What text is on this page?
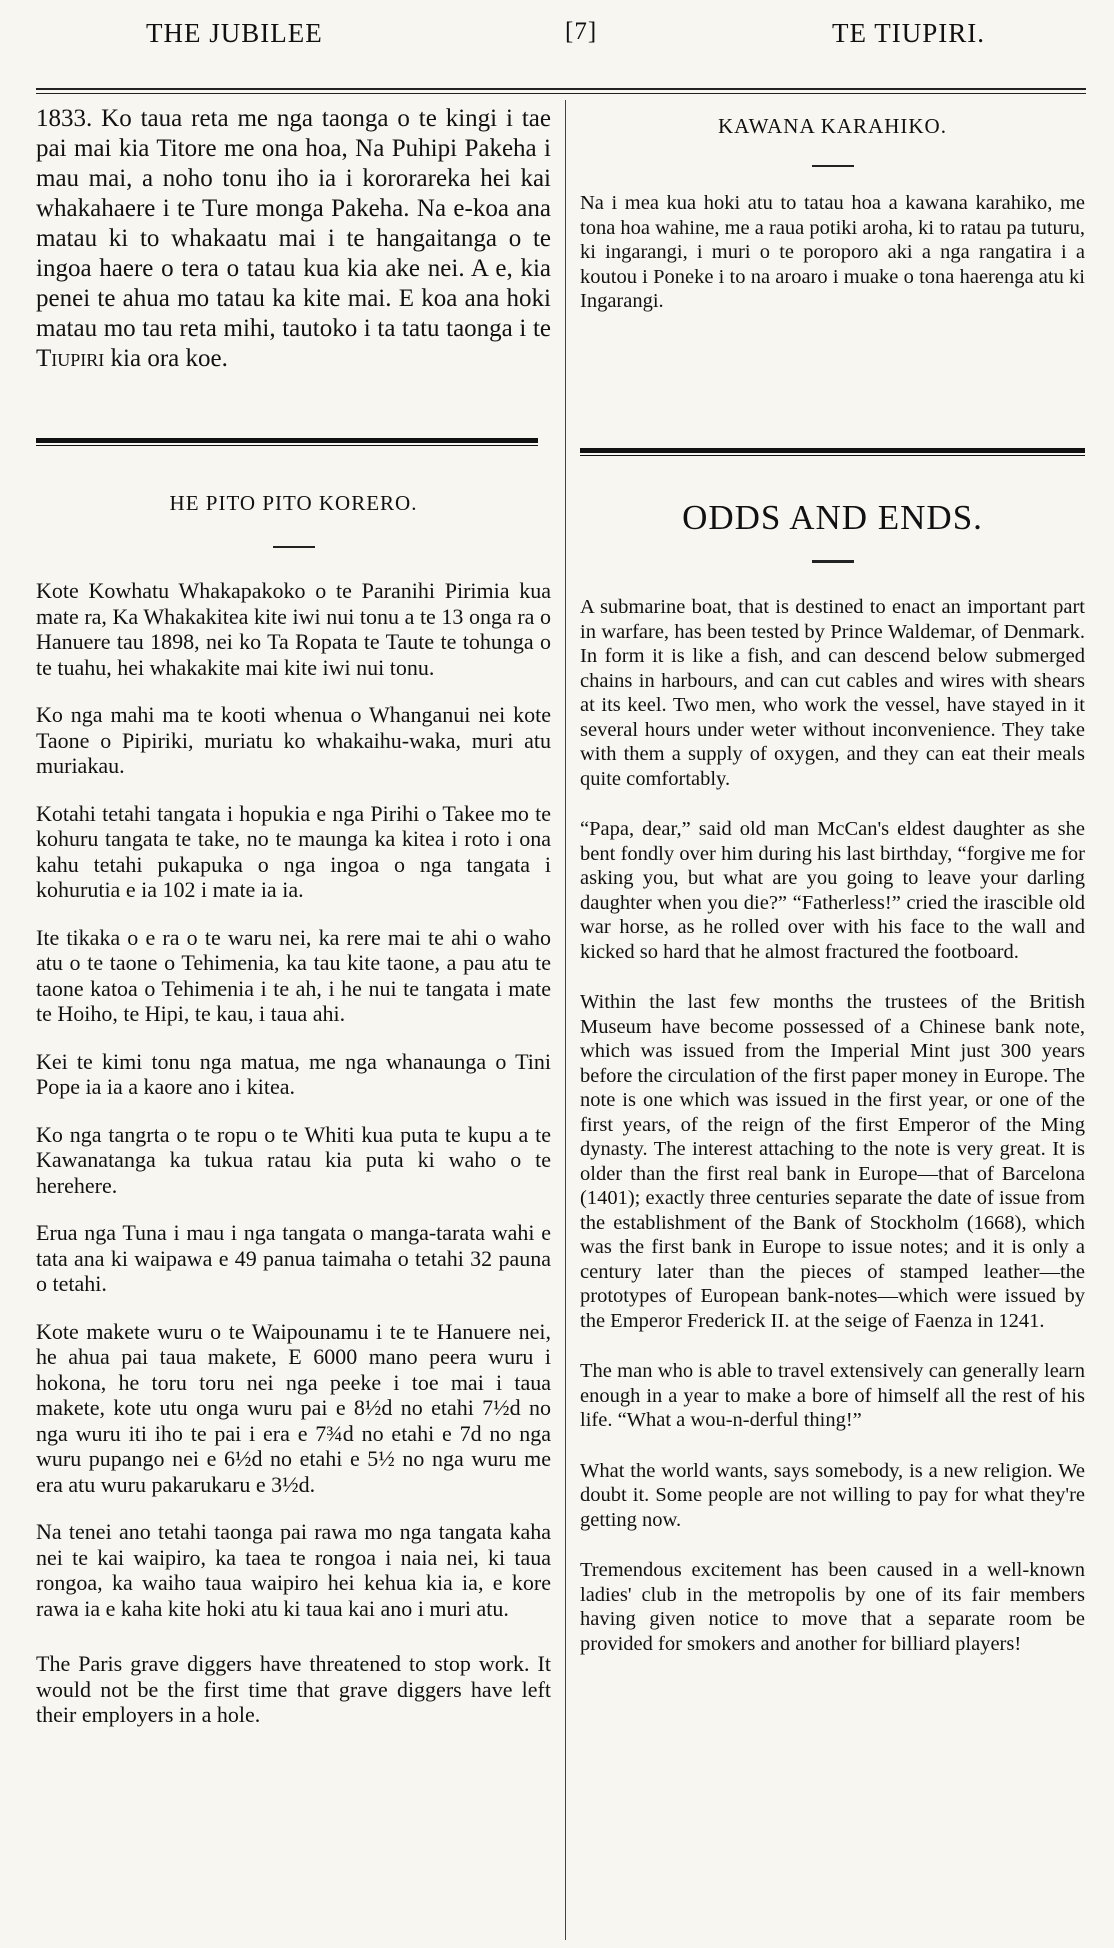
THE JUBILEE	[7]	TE TIUPIRI.

1833. Ko taua reta me nga taonga o te kingi i tae pai mai kia Titore me ona hoa, Na Puhipi Pakeha i mau mai, a noho tonu iho ia i kororareka hei kai whakahaere i te Ture monga Pakeha. Na e-koa ana matau ki to whakaatu mai i te hangaitanga o te ingoa haere o tera o tatau kua kia ake nei. A e, kia penei te ahua mo tatau ka kite mai. E koa ana hoki matau mo tau reta mihi, tautoko i ta tatu taonga i te Tiupiri kia ora koe.

HE PITO PITO KORERO.

Kote Kowhatu Whakapakoko o te Paranihi Pirimia kua mate ra, Ka Whakakitea kite iwi nui tonu a te 13 onga ra o Hanuere tau 1898, nei ko Ta Ropata te Taute te tohunga o te tuahu, hei whakakite mai kite iwi nui tonu.

Ko nga mahi ma te kooti whenua o Whanganui nei kote Taone o Pipiriki, muriatu ko whakaihu-waka, muri atu muriakau.

Kotahi tetahi tangata i hopukia e nga Pirihi o Takee mo te kohuru tangata te take, no te maunga ka kitea i roto i ona kahu tetahi pukapuka o nga ingoa o nga tangata i kohurutia e ia 102 i mate ia ia.

Ite tikaka o e ra o te waru nei, ka rere mai te ahi o waho atu o te taone o Tehimenia, ka tau kite taone, a pau atu te taone katoa o Tehimenia i te ah, i he nui te tangata i mate te Hoiho, te Hipi, te kau, i taua ahi.

Kei te kimi tonu nga matua, me nga whanaunga o Tini Pope ia ia a kaore ano i kitea.

Ko nga tangrta o te ropu o te Whiti kua puta te kupu a te Kawanatanga ka tukua ratau kia puta ki waho o te herehere.

Erua nga Tuna i mau i nga tangata o manga-tarata wahi e tata ana ki waipawa e 49 panua taimaha o tetahi 32 pauna o tetahi.

Kote makete wuru o te Waipounamu i te te Hanuere nei, he ahua pai taua makete, E 6000 mano peera wuru i hokona, he toru toru nei nga peeke i toe mai i taua makete, kote utu onga wuru pai e 8½d no etahi 7½d no nga wuru iti iho te pai i era e 7¾d no etahi e 7d no nga wuru pupango nei e 6½d no etahi e 5½ no nga wuru me era atu wuru pakarukaru e 3½d.

Na tenei ano tetahi taonga pai rawa mo nga tangata kaha nei te kai waipiro, ka taea te rongoa i naia nei, ki taua rongoa, ka waiho taua waipiro hei kehua kia ia, e kore rawa ia e kaha kite hoki atu ki taua kai ano i muri atu.

The Paris grave diggers have threatened to stop work. It would not be the first time that grave diggers have left their employers in a hole.

KAWANA KARAHIKO.

Na i mea kua hoki atu to tatau hoa a kawana karahiko, me tona hoa wahine, me a raua potiki aroha, ki to ratau pa tuturu, ki ingarangi, i muri o te poroporo aki a nga rangatira i a koutou i Poneke i to na aroaro i muake o tona haerenga atu ki Ingarangi.

ODDS AND ENDS.

A submarine boat, that is destined to enact an important part in warfare, has been tested by Prince Waldemar, of Denmark. In form it is like a fish, and can descend below submerged chains in harbours, and can cut cables and wires with shears at its keel. Two men, who work the vessel, have stayed in it several hours under weter without inconvenience. They take with them a supply of oxygen, and they can eat their meals quite comfortably.

“Papa, dear,” said old man McCan's eldest daughter as she bent fondly over him during his last birthday, “forgive me for asking you, but what are you going to leave your darling daughter when you die?” “Fatherless!” cried the irascible old war horse, as he rolled over with his face to the wall and kicked so hard that he almost fractured the footboard.

Within the last few months the trustees of the British Museum have become possessed of a Chinese bank note, which was issued from the Imperial Mint just 300 years before the circulation of the first paper money in Europe. The note is one which was issued in the first year, or one of the first years, of the reign of the first Emperor of the Ming dynasty. The interest attaching to the note is very great. It is older than the first real bank in Europe—that of Barcelona (1401); exactly three centuries separate the date of issue from the establishment of the Bank of Stockholm (1668), which was the first bank in Europe to issue notes; and it is only a century later than the pieces of stamped leather—the prototypes of European bank-notes—which were issued by the Emperor Frederick II. at the seige of Faenza in 1241.

The man who is able to travel extensively can generally learn enough in a year to make a bore of himself all the rest of his life. “What a wou-n-derful thing!”

What the world wants, says somebody, is a new religion. We doubt it. Some people are not willing to pay for what they're getting now.

Tremendous excitement has been caused in a well-known ladies' club in the metropolis by one of its fair members having given notice to move that a separate room be provided for smokers and another for billiard players!
